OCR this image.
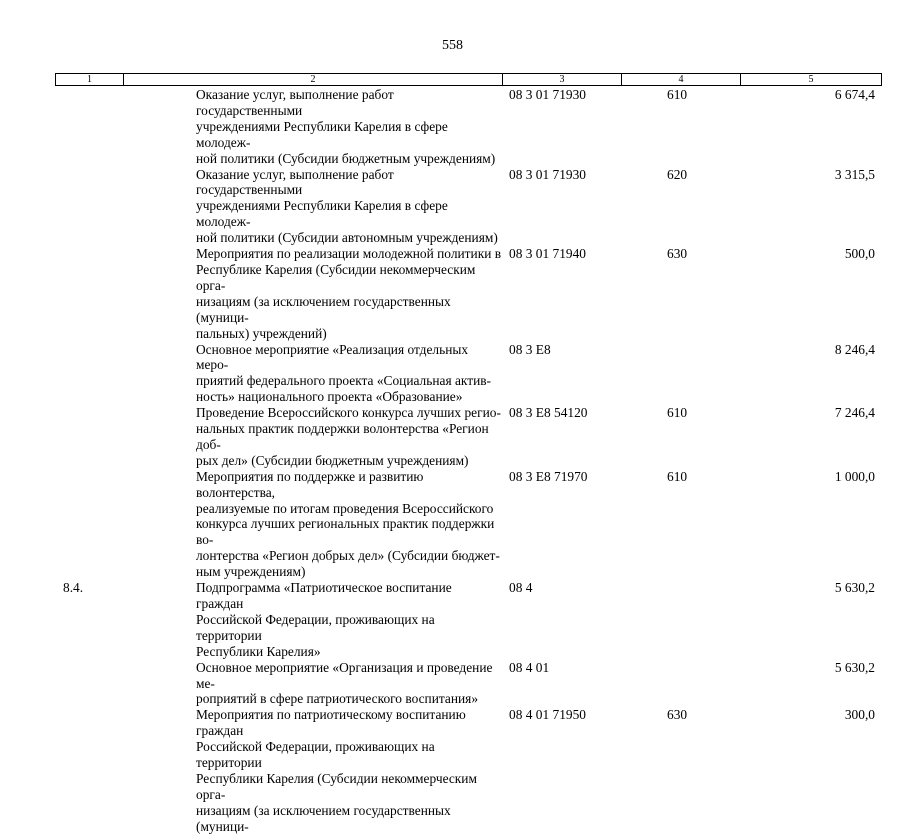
558
1	2	3	4	5
	Оказание услуг, выполнение работ государственными
учреждениями Республики Карелия в сфере молодеж-
ной политики (Субсидии бюджетным учреждениям)	08 3 01 71930	610	6 674,4
	Оказание услуг, выполнение работ государственными
учреждениями Республики Карелия в сфере молодеж-
ной политики (Субсидии автономным учреждениям)	08 3 01 71930	620	3 315,5
	Мероприятия по реализации молодежной политики в
Республике Карелия (Субсидии некоммерческим орга-
низациям (за исключением государственных (муници-
пальных) учреждений)	08 3 01 71940	630	500,0
	Основное мероприятие «Реализация отдельных меро-
приятий федерального проекта «Социальная актив-
ность» национального проекта «Образование»	08 3 E8		8 246,4
	Проведение Всероссийского конкурса лучших регио-
нальных практик поддержки волонтерства «Регион доб-
рых дел» (Субсидии бюджетным учреждениям)	08 3 E8 54120	610	7 246,4
	Мероприятия по поддержке и развитию волонтерства,
реализуемые по итогам проведения Всероссийского
конкурса лучших региональных практик поддержки во-
лонтерства «Регион добрых дел» (Субсидии бюджет-
ным учреждениям)	08 3 E8 71970	610	1 000,0
8.4.	Подпрограмма «Патриотическое воспитание граждан
Российской Федерации, проживающих на территории
Республики Карелия»	08 4		5 630,2
	Основное мероприятие «Организация и проведение ме-
роприятий в сфере патриотического воспитания»	08 4 01		5 630,2
	Мероприятия по патриотическому воспитанию граждан
Российской Федерации, проживающих на территории
Республики Карелия (Субсидии некоммерческим орга-
низациям (за исключением государственных (муници-	08 4 01 71950	630	300,0
